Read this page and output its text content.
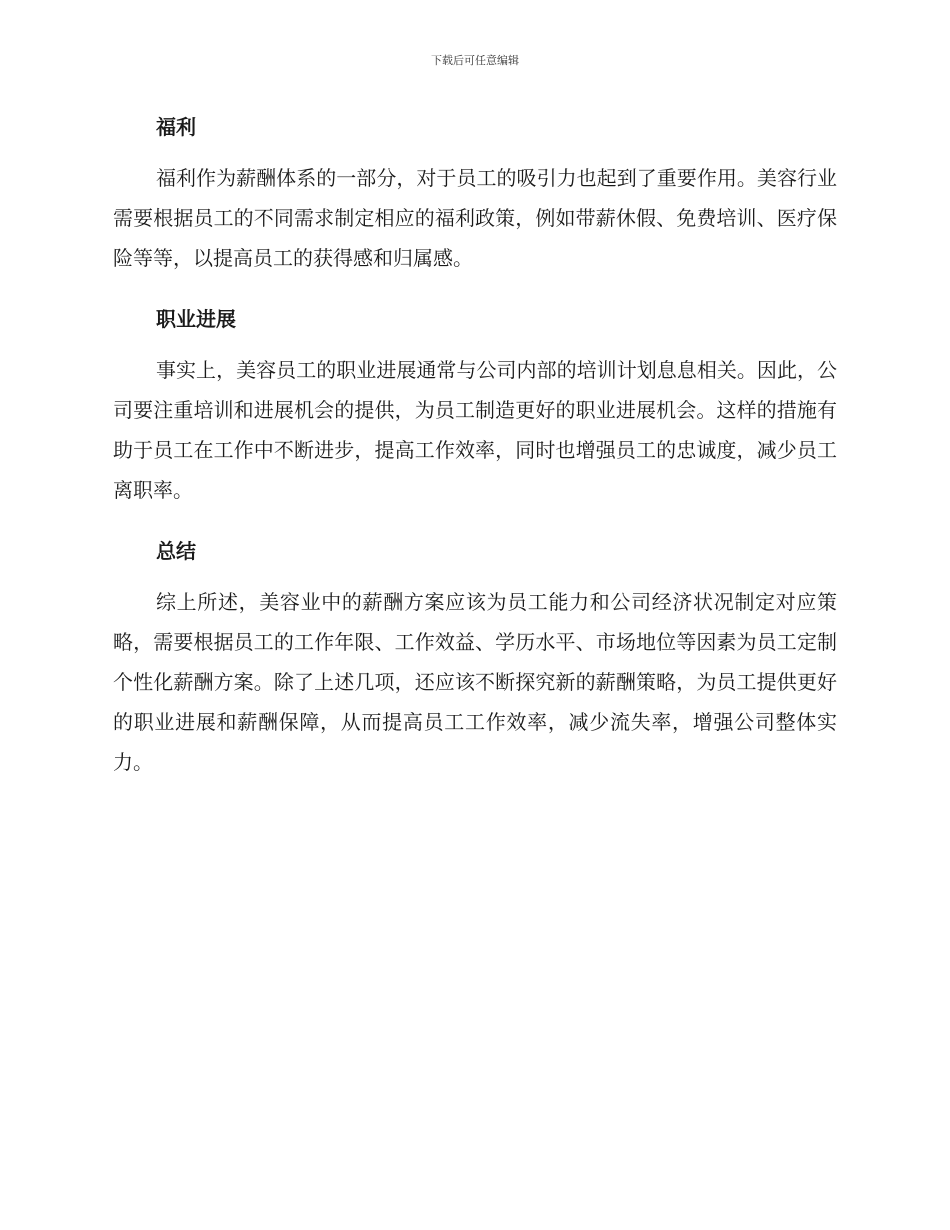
下载后可任意编辑
福利

福利作为薪酬体系的一部分，对于员工的吸引力也起到了重要作用。美容行业需要根据员工的不同需求制定相应的福利政策，例如带薪休假、免费培训、医疗保险等等，以提高员工的获得感和归属感。

职业进展

事实上，美容员工的职业进展通常与公司内部的培训计划息息相关。因此，公司要注重培训和进展机会的提供，为员工制造更好的职业进展机会。这样的措施有助于员工在工作中不断进步，提高工作效率，同时也增强员工的忠诚度，减少员工离职率。

总结

综上所述，美容业中的薪酬方案应该为员工能力和公司经济状况制定对应策略，需要根据员工的工作年限、工作效益、学历水平、市场地位等因素为员工定制个性化薪酬方案。除了上述几项，还应该不断探究新的薪酬策略，为员工提供更好的职业进展和薪酬保障，从而提高员工工作效率，减少流失率，增强公司整体实力。
